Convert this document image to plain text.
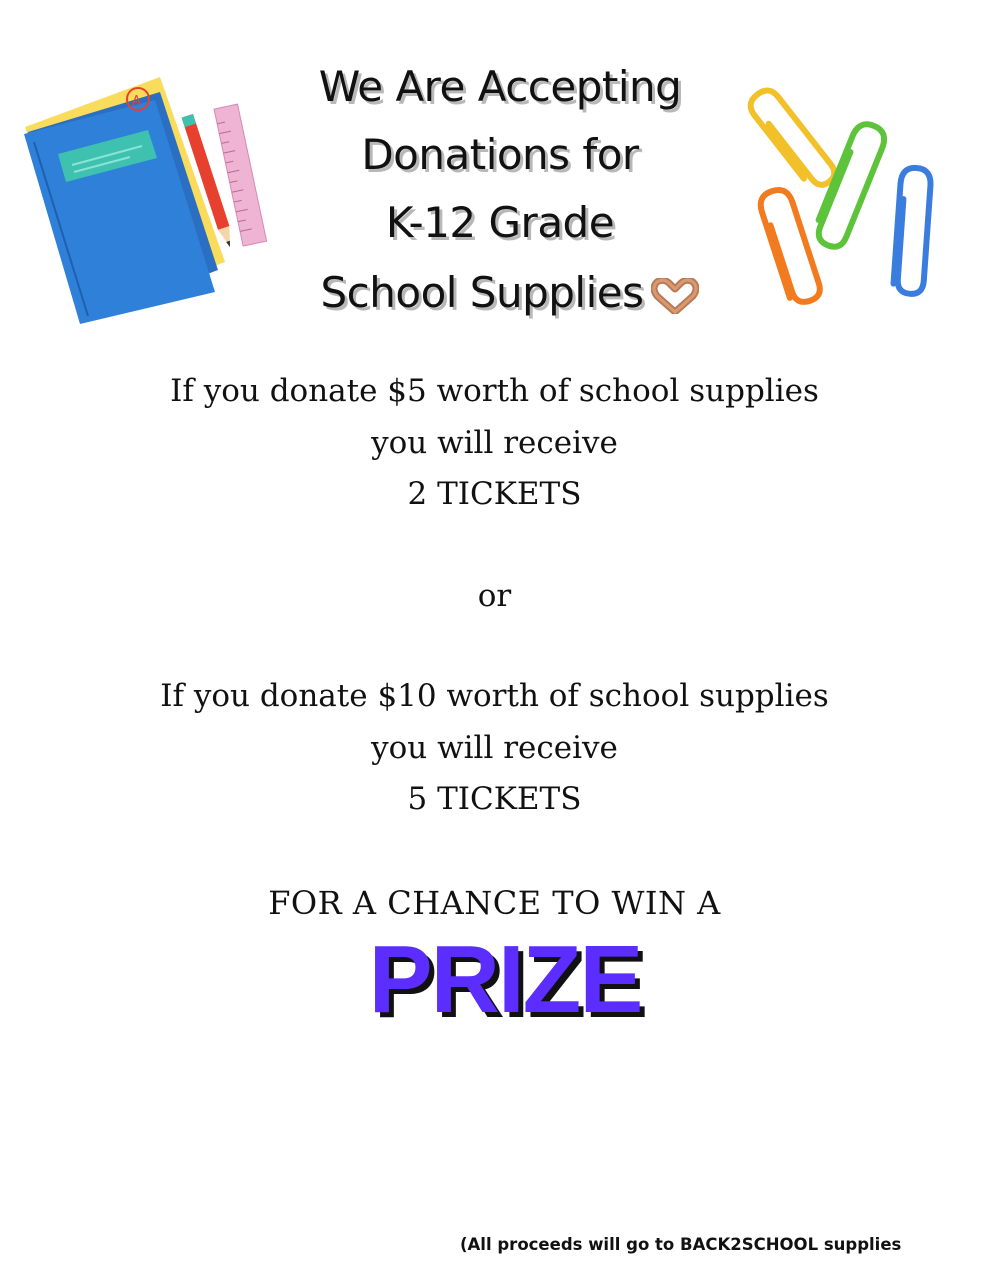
A	We Are Accepting
Donations for
K-12 Grade
School Supplies
If you donate $5 worth of school supplies
you will receive
2 TICKETS
or
If you donate $10 worth of school supplies
you will receive
5 TICKETS
FOR A CHANCE TO WIN A
PRIZE
(All proceeds will go to BACK2SCHOOL supplies
